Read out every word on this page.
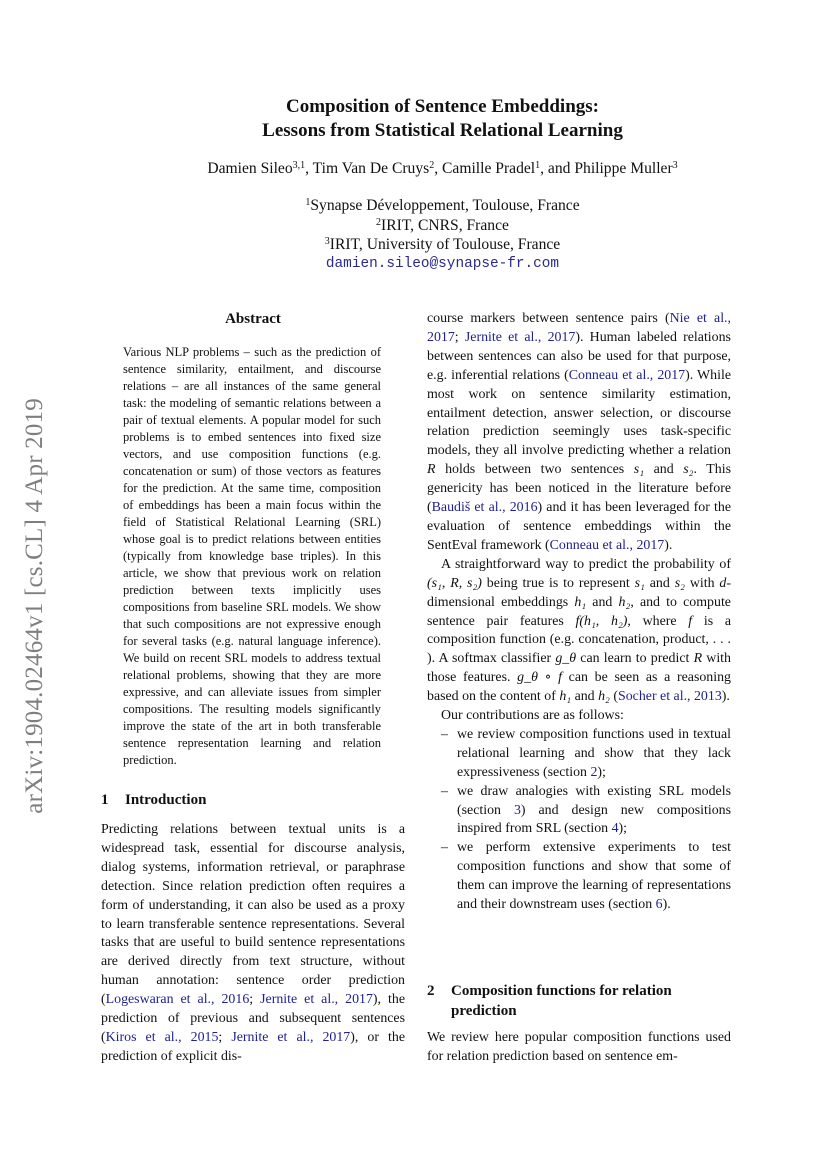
arXiv:1904.02464v1 [cs.CL] 4 Apr 2019
Composition of Sentence Embeddings:
Lessons from Statistical Relational Learning
Damien Sileo$^{3,1}$, Tim Van De Cruys$^2$, Camille Pradel$^1$, and Philippe Muller$^3$
$^1$Synapse Développement, Toulouse, France
$^2$IRIT, CNRS, France
$^3$IRIT, University of Toulouse, France
damien.sileo@synapse-fr.com
Abstract
Various NLP problems – such as the prediction of sentence similarity, entailment, and discourse relations – are all instances of the same general task: the modeling of semantic relations between a pair of textual elements. A popular model for such problems is to embed sentences into fixed size vectors, and use composition functions (e.g. concatenation or sum) of those vectors as features for the prediction. At the same time, composition of embeddings has been a main focus within the field of Statistical Relational Learning (SRL) whose goal is to predict relations between entities (typically from knowledge base triples). In this article, we show that previous work on relation prediction between texts implicitly uses compositions from baseline SRL models. We show that such compositions are not expressive enough for several tasks (e.g. natural language inference). We build on recent SRL models to address textual relational problems, showing that they are more expressive, and can alleviate issues from simpler compositions. The resulting models significantly improve the state of the art in both transferable sentence representation learning and relation prediction.
1 Introduction

Predicting relations between textual units is a widespread task, essential for discourse analysis, dialog systems, information retrieval, or paraphrase detection. Since relation prediction often requires a form of understanding, it can also be used as a proxy to learn transferable sentence representations. Several tasks that are useful to build sentence representations are derived directly from text structure, without human annotation: sentence order prediction (Logeswaran et al., 2016; Jernite et al., 2017), the prediction of previous and subsequent sentences (Kiros et al., 2015; Jernite et al., 2017), or the prediction of explicit dis-

course markers between sentence pairs (Nie et al., 2017; Jernite et al., 2017). Human labeled relations between sentences can also be used for that purpose, e.g. inferential relations (Conneau et al., 2017). While most work on sentence similarity estimation, entailment detection, answer selection, or discourse relation prediction seemingly uses task-specific models, they all involve predicting whether a relation R holds between two sentences s₁ and s₂. This genericity has been noticed in the literature before (Baudiš et al., 2016) and it has been leveraged for the evaluation of sentence embeddings within the SentEval framework (Conneau et al., 2017).

A straightforward way to predict the probability of (s₁, R, s₂) being true is to represent s₁ and s₂ with d-dimensional embeddings h₁ and h₂, and to compute sentence pair features f(h₁, h₂), where f is a composition function (e.g. concatenation, product, . . . ). A softmax classifier g_θ can learn to predict R with those features. g_θ ∘ f can be seen as a reasoning based on the content of h₁ and h₂ (Socher et al., 2013).

Our contributions are as follows:

– we review composition functions used in textual relational learning and show that they lack expressiveness (section 2);
– we draw analogies with existing SRL models (section 3) and design new compositions inspired from SRL (section 4);
– we perform extensive experiments to test composition functions and show that some of them can improve the learning of representations and their downstream uses (section 6).
2 Composition functions for relation prediction
We review here popular composition functions used for relation prediction based on sentence em-
